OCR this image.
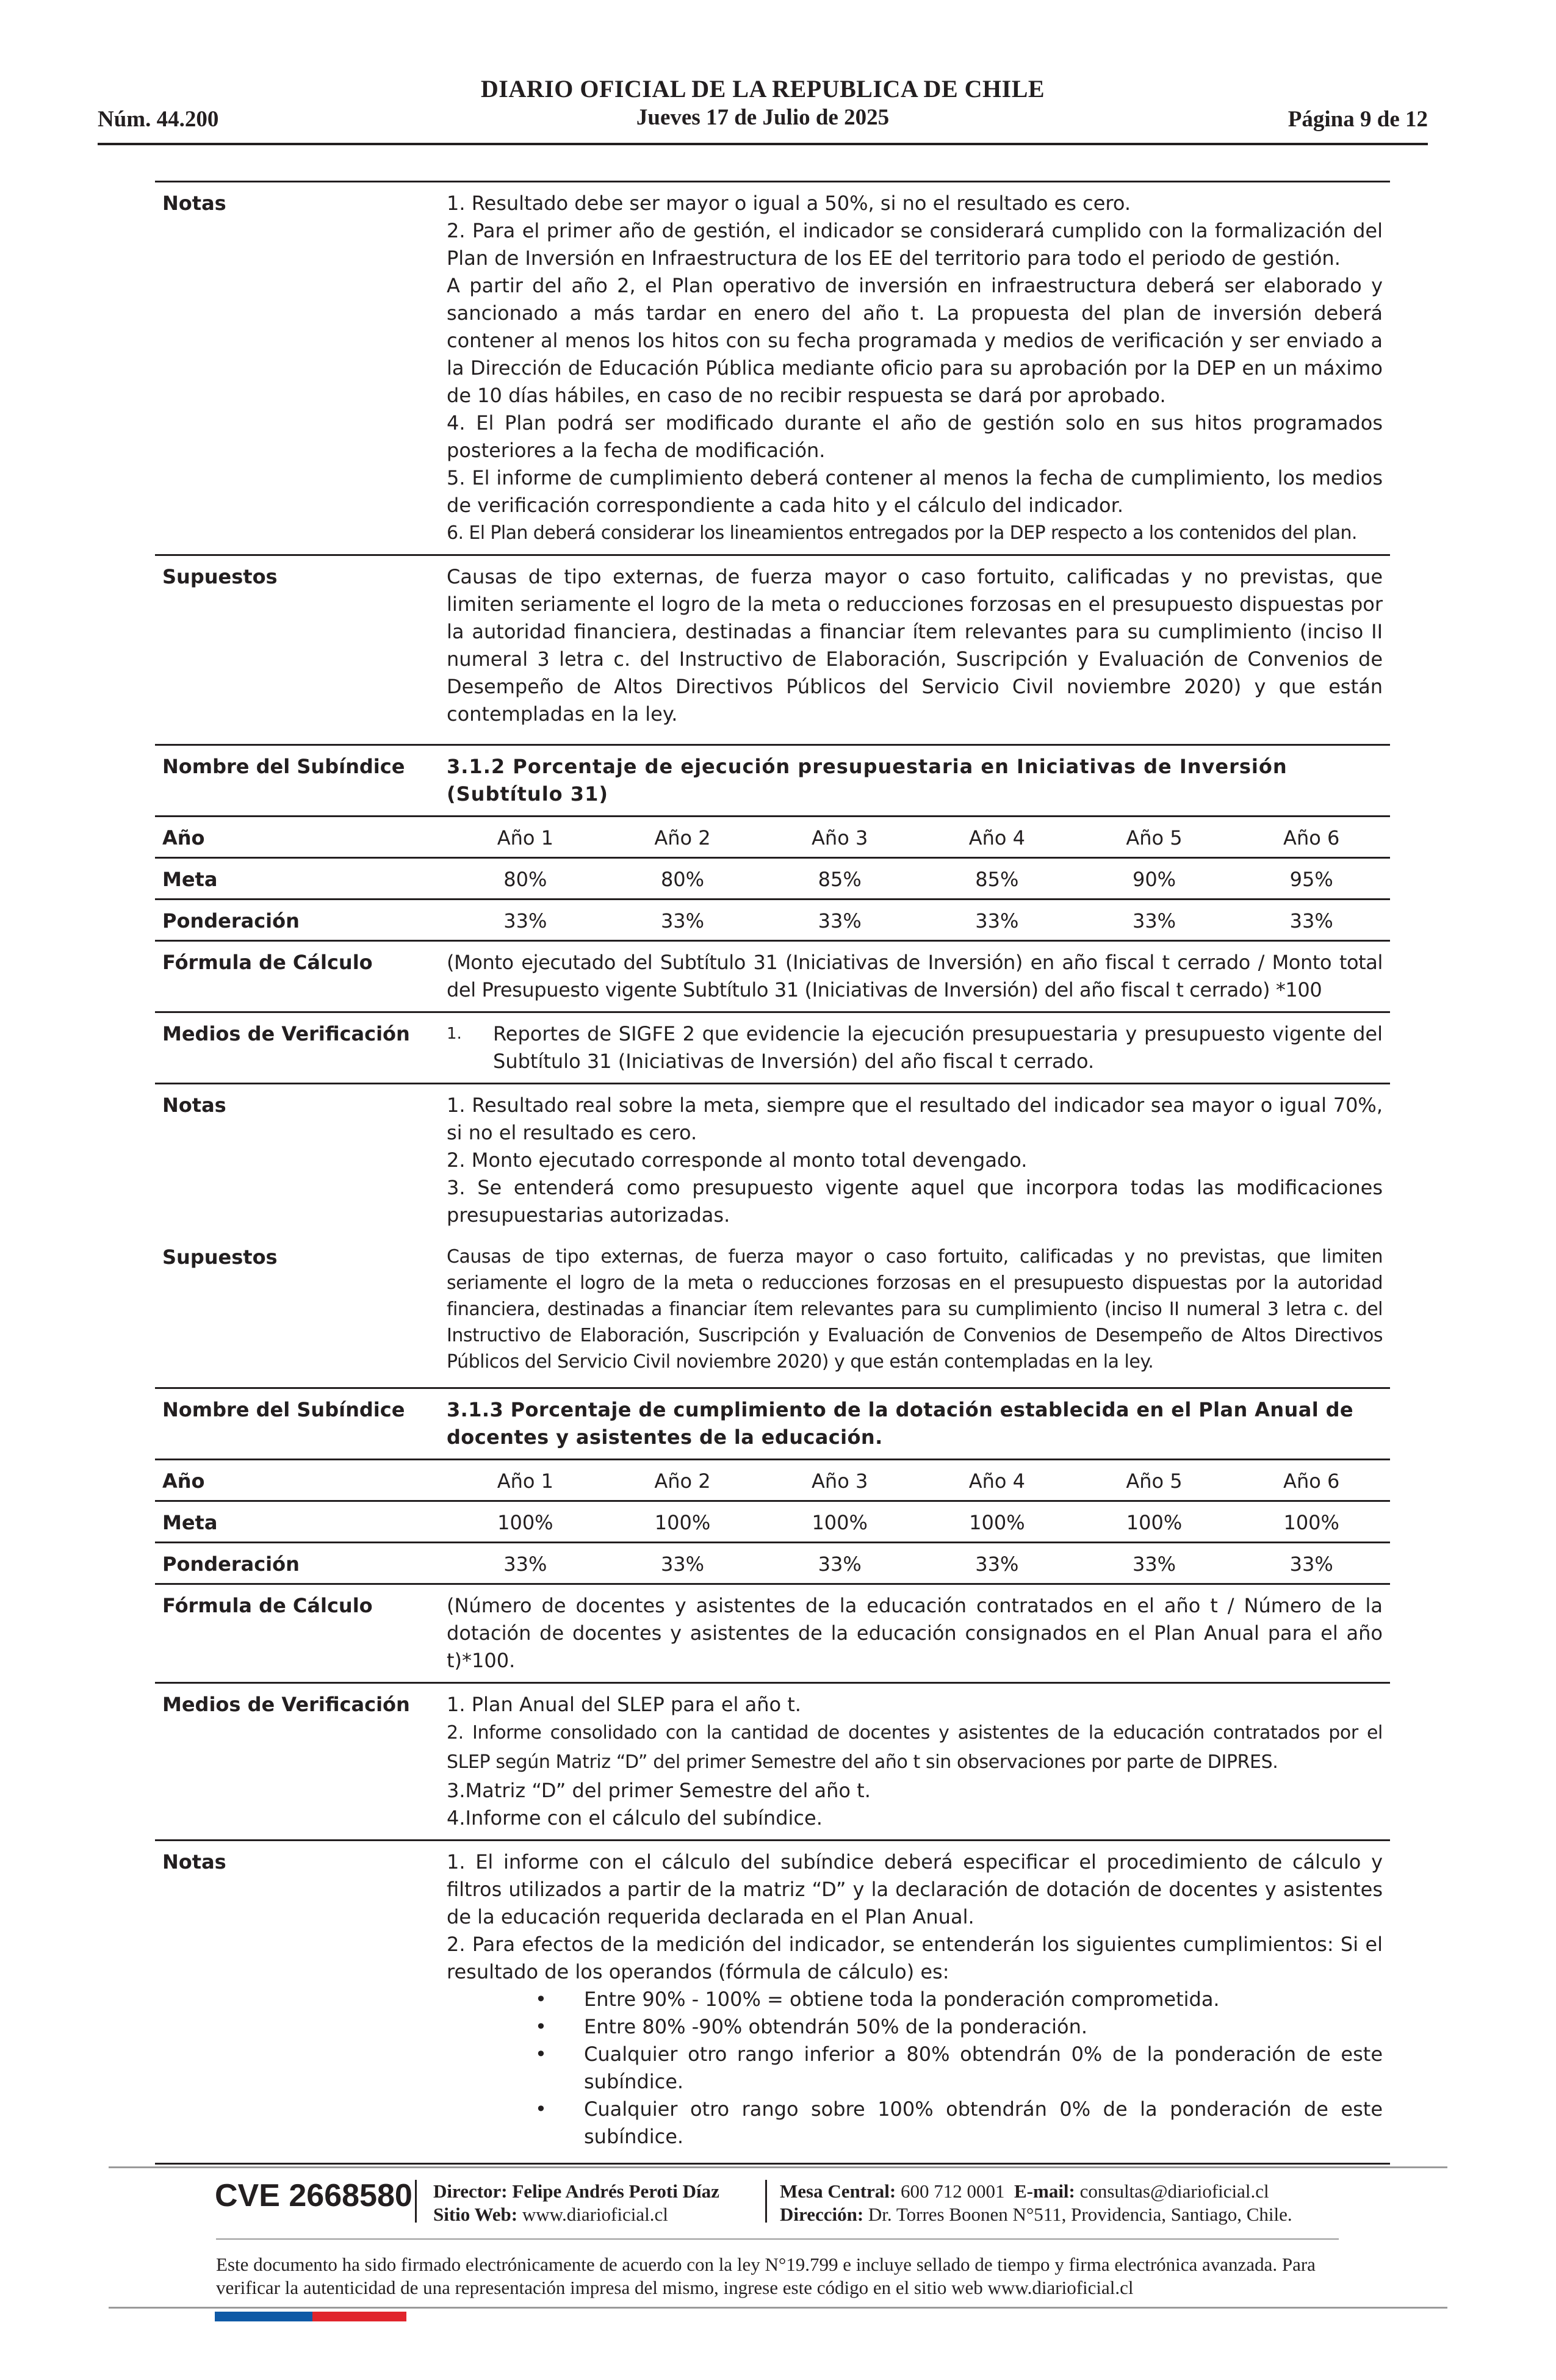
DIARIO OFICIAL DE LA REPUBLICA DE CHILE
Jueves 17 de Julio de 2025
Núm. 44.200	Página 9 de 12
Notas	1. Resultado debe ser mayor o igual a 50%, si no el resultado es cero.

2. Para el primer año de gestión, el indicador se considerará cumplido con la formalización del Plan de Inversión en Infraestructura de los EE del territorio para todo el periodo de gestión.

A partir del año 2, el Plan operativo de inversión en infraestructura deberá ser elaborado y sancionado a más tardar en enero del año t. La propuesta del plan de inversión deberá contener al menos los hitos con su fecha programada y medios de verificación y ser enviado a la Dirección de Educación Pública mediante oficio para su aprobación por la DEP en un máximo de 10 días hábiles, en caso de no recibir respuesta se dará por aprobado.

4. El Plan podrá ser modificado durante el año de gestión solo en sus hitos programados posteriores a la fecha de modificación.

5. El informe de cumplimiento deberá contener al menos la fecha de cumplimiento, los medios de verificación correspondiente a cada hito y el cálculo del indicador.

6. El Plan deberá considerar los lineamientos entregados por la DEP respecto a los contenidos del plan.

Supuestos	Causas de tipo externas, de fuerza mayor o caso fortuito, calificadas y no previstas, que limiten seriamente el logro de la meta o reducciones forzosas en el presupuesto dispuestas por la autoridad financiera, destinadas a financiar ítem relevantes para su cumplimiento (inciso II numeral 3 letra c. del Instructivo de Elaboración, Suscripción y Evaluación de Convenios de Desempeño de Altos Directivos Públicos del Servicio Civil noviembre 2020) y que están contempladas en la ley.

Nombre del Subíndice	3.1.2 Porcentaje de ejecución presupuestaria en Iniciativas de Inversión (Subtítulo 31)

Año	Año 1	Año 2	Año 3	Año 4	Año 5	Año 6
Meta	80%	80%	85%	85%	90%	95%
Ponderación	33%	33%	33%	33%	33%	33%
Fórmula de Cálculo	(Monto ejecutado del Subtítulo 31 (Iniciativas de Inversión) en año fiscal t cerrado / Monto total del Presupuesto vigente Subtítulo 31 (Iniciativas de Inversión) del año fiscal t cerrado) *100

Medios de Verificación	1.	Reportes de SIGFE 2 que evidencie la ejecución presupuestaria y presupuesto vigente del Subtítulo 31 (Iniciativas de Inversión) del año fiscal t cerrado.
Notas	1. Resultado real sobre la meta, siempre que el resultado del indicador sea mayor o igual 70%, si no el resultado es cero.

2. Monto ejecutado corresponde al monto total devengado.

3. Se entenderá como presupuesto vigente aquel que incorpora todas las modificaciones presupuestarias autorizadas.

Supuestos	Causas de tipo externas, de fuerza mayor o caso fortuito, calificadas y no previstas, que limiten seriamente el logro de la meta o reducciones forzosas en el presupuesto dispuestas por la autoridad financiera, destinadas a financiar ítem relevantes para su cumplimiento (inciso II numeral 3 letra c. del Instructivo de Elaboración, Suscripción y Evaluación de Convenios de Desempeño de Altos Directivos Públicos del Servicio Civil noviembre 2020) y que están contempladas en la ley.

Nombre del Subíndice	3.1.3 Porcentaje de cumplimiento de la dotación establecida en el Plan Anual de docentes y asistentes de la educación.

Año	Año 1	Año 2	Año 3	Año 4	Año 5	Año 6
Meta	100%	100%	100%	100%	100%	100%
Ponderación	33%	33%	33%	33%	33%	33%
Fórmula de Cálculo	(Número de docentes y asistentes de la educación contratados en el año t / Número de la dotación de docentes y asistentes de la educación consignados en el Plan Anual para el año t)*100.

Medios de Verificación	1. Plan Anual del SLEP para el año t.

2. Informe consolidado con la cantidad de docentes y asistentes de la educación contratados por el SLEP según Matriz “D” del primer Semestre del año t sin observaciones por parte de DIPRES.

3.Matriz “D” del primer Semestre del año t.

4.Informe con el cálculo del subíndice.

Notas	1. El informe con el cálculo del subíndice deberá especificar el procedimiento de cálculo y filtros utilizados a partir de la matriz “D” y la declaración de dotación de docentes y asistentes de la educación requerida declarada en el Plan Anual.

2. Para efectos de la medición del indicador, se entenderán los siguientes cumplimientos: Si el resultado de los operandos (fórmula de cálculo) es:

•	Entre 90% - 100% = obtiene toda la ponderación comprometida.
•	Entre 80% -90% obtendrán 50% de la ponderación.
•	Cualquier otro rango inferior a 80% obtendrán 0% de la ponderación de este subíndice.
•	Cualquier otro rango sobre 100% obtendrán 0% de la ponderación de este subíndice.
CVE 2668580 Director: Felipe Andrés Peroti Díaz
Sitio Web: www.diarioficial.cl
Mesa Central: 600 712 0001 E-mail: consultas@diarioficial.cl
Dirección: Dr. Torres Boonen N°511, Providencia, Santiago, Chile.
Este documento ha sido firmado electrónicamente de acuerdo con la ley N°19.799 e incluye sellado de tiempo y firma electrónica avanzada. Para verificar la autenticidad de una representación impresa del mismo, ingrese este código en el sitio web www.diarioficial.cl
